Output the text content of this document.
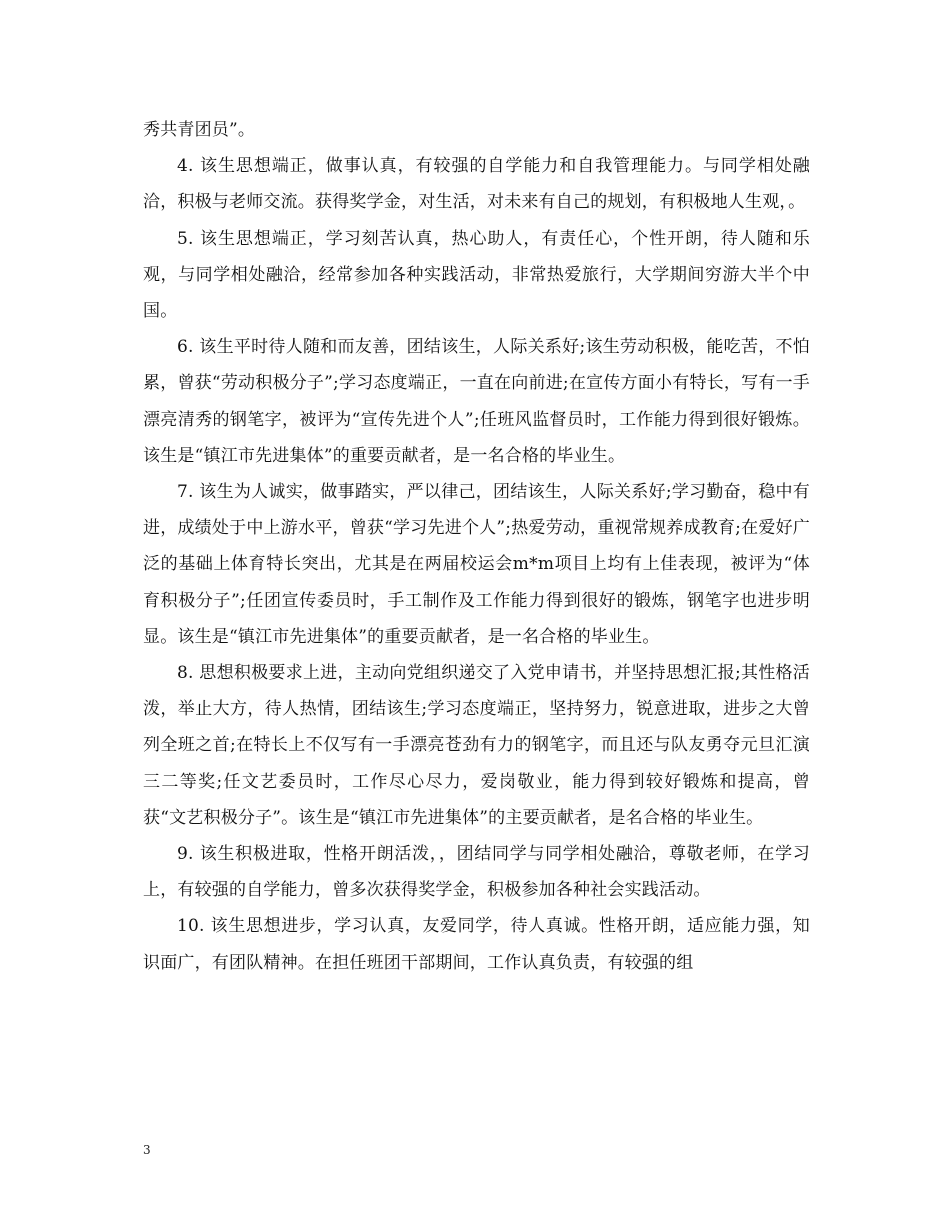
秀共青团员”。

4. 该生思想端正，做事认真，有较强的自学能力和自我管理能力。与同学相处融洽，积极与老师交流。获得奖学金，对生活，对未来有自己的规划，有积极地人生观，。

5. 该生思想端正，学习刻苦认真，热心助人，有责任心，个性开朗，待人随和乐观，与同学相处融洽，经常参加各种实践活动，非常热爱旅行，大学期间穷游大半个中国。

6. 该生平时待人随和而友善，团结该生，人际关系好;该生劳动积极，能吃苦，不怕累，曾获“劳动积极分子”;学习态度端正，一直在向前进;在宣传方面小有特长，写有一手漂亮清秀的钢笔字，被评为“宣传先进个人”;任班风监督员时，工作能力得到很好锻炼。该生是“镇江市先进集体”的重要贡献者，是一名合格的毕业生。

7. 该生为人诚实，做事踏实，严以律己，团结该生，人际关系好;学习勤奋，稳中有进，成绩处于中上游水平，曾获“学习先进个人”;热爱劳动，重视常规养成教育;在爱好广泛的基础上体育特长突出，尤其是在两届校运会m*m项目上均有上佳表现，被评为“体育积极分子”;任团宣传委员时，手工制作及工作能力得到很好的锻炼，钢笔字也进步明显。该生是“镇江市先进集体”的重要贡献者，是一名合格的毕业生。

8. 思想积极要求上进，主动向党组织递交了入党申请书，并坚持思想汇报;其性格活泼，举止大方，待人热情，团结该生;学习态度端正，坚持努力，锐意进取，进步之大曾列全班之首;在特长上不仅写有一手漂亮苍劲有力的钢笔字，而且还与队友勇夺元旦汇演三二等奖;任文艺委员时，工作尽心尽力，爱岗敬业，能力得到较好锻炼和提高，曾获“文艺积极分子”。该生是“镇江市先进集体”的主要贡献者，是名合格的毕业生。

9. 该生积极进取，性格开朗活泼，，团结同学与同学相处融洽，尊敬老师，在学习上，有较强的自学能力，曾多次获得奖学金，积极参加各种社会实践活动。

10. 该生思想进步，学习认真，友爱同学，待人真诚。性格开朗，适应能力强，知识面广，有团队精神。在担任班团干部期间，工作认真负责，有较强的组

3
